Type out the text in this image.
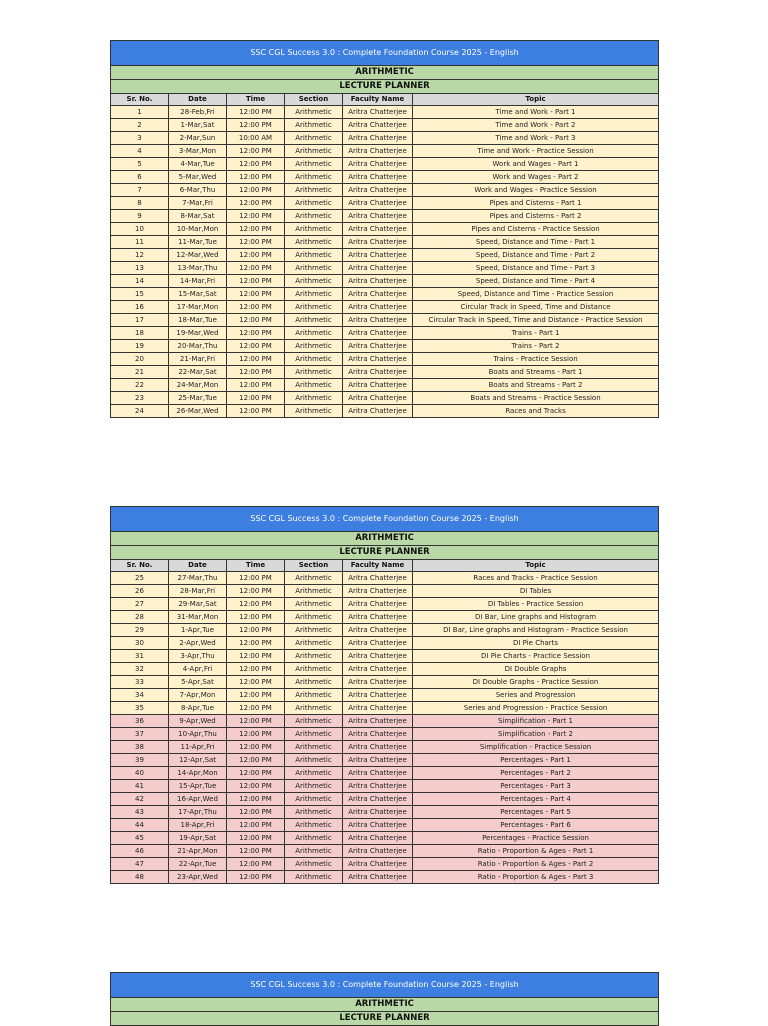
SSC CGL Success 3.0 : Complete Foundation Course 2025 - English					
ARITHMETIC					
LECTURE PLANNER					
Sr. No.	Date	Time	Section	Faculty Name	Topic
1	28-Feb,Fri	12:00 PM	Arithmetic	Aritra Chatterjee	Time and Work - Part 1
2	1-Mar,Sat	12:00 PM	Arithmetic	Aritra Chatterjee	Time and Work - Part 2
3	2-Mar,Sun	10:00 AM	Arithmetic	Aritra Chatterjee	Time and Work - Part 3
4	3-Mar,Mon	12:00 PM	Arithmetic	Aritra Chatterjee	Time and Work - Practice Session
5	4-Mar,Tue	12:00 PM	Arithmetic	Aritra Chatterjee	Work and Wages - Part 1
6	5-Mar,Wed	12:00 PM	Arithmetic	Aritra Chatterjee	Work and Wages - Part 2
7	6-Mar,Thu	12:00 PM	Arithmetic	Aritra Chatterjee	Work and Wages - Practice Session
8	7-Mar,Fri	12:00 PM	Arithmetic	Aritra Chatterjee	Pipes and Cisterns - Part 1
9	8-Mar,Sat	12:00 PM	Arithmetic	Aritra Chatterjee	Pipes and Cisterns - Part 2
10	10-Mar,Mon	12:00 PM	Arithmetic	Aritra Chatterjee	Pipes and Cisterns - Practice Session
11	11-Mar,Tue	12:00 PM	Arithmetic	Aritra Chatterjee	Speed, Distance and Time - Part 1
12	12-Mar,Wed	12:00 PM	Arithmetic	Aritra Chatterjee	Speed, Distance and Time - Part 2
13	13-Mar,Thu	12:00 PM	Arithmetic	Aritra Chatterjee	Speed, Distance and Time - Part 3
14	14-Mar,Fri	12:00 PM	Arithmetic	Aritra Chatterjee	Speed, Distance and Time - Part 4
15	15-Mar,Sat	12:00 PM	Arithmetic	Aritra Chatterjee	Speed, Distance and Time - Practice Session
16	17-Mar,Mon	12:00 PM	Arithmetic	Aritra Chatterjee	Circular Track in Speed, Time and Distance
17	18-Mar,Tue	12:00 PM	Arithmetic	Aritra Chatterjee	Circular Track in Speed, Time and Distance - Practice Session
18	19-Mar,Wed	12:00 PM	Arithmetic	Aritra Chatterjee	Trains - Part 1
19	20-Mar,Thu	12:00 PM	Arithmetic	Aritra Chatterjee	Trains - Part 2
20	21-Mar,Fri	12:00 PM	Arithmetic	Aritra Chatterjee	Trains - Practice Session
21	22-Mar,Sat	12:00 PM	Arithmetic	Aritra Chatterjee	Boats and Streams - Part 1
22	24-Mar,Mon	12:00 PM	Arithmetic	Aritra Chatterjee	Boats and Streams - Part 2
23	25-Mar,Tue	12:00 PM	Arithmetic	Aritra Chatterjee	Boats and Streams - Practice Session
24	26-Mar,Wed	12:00 PM	Arithmetic	Aritra Chatterjee	Races and Tracks
SSC CGL Success 3.0 : Complete Foundation Course 2025 - English					
ARITHMETIC					
LECTURE PLANNER					
Sr. No.	Date	Time	Section	Faculty Name	Topic
25	27-Mar,Thu	12:00 PM	Arithmetic	Aritra Chatterjee	Races and Tracks - Practice Session
26	28-Mar,Fri	12:00 PM	Arithmetic	Aritra Chatterjee	DI Tables
27	29-Mar,Sat	12:00 PM	Arithmetic	Aritra Chatterjee	DI Tables - Practice Session
28	31-Mar,Mon	12:00 PM	Arithmetic	Aritra Chatterjee	DI Bar, Line graphs and Histogram
29	1-Apr,Tue	12:00 PM	Arithmetic	Aritra Chatterjee	DI Bar, Line graphs and Histogram - Practice Session
30	2-Apr,Wed	12:00 PM	Arithmetic	Aritra Chatterjee	DI Pie Charts
31	3-Apr,Thu	12:00 PM	Arithmetic	Aritra Chatterjee	DI Pie Charts - Practice Session
32	4-Apr,Fri	12:00 PM	Arithmetic	Aritra Chatterjee	DI Double Graphs
33	5-Apr,Sat	12:00 PM	Arithmetic	Aritra Chatterjee	DI Double Graphs - Practice Session
34	7-Apr,Mon	12:00 PM	Arithmetic	Aritra Chatterjee	Series and Progression
35	8-Apr,Tue	12:00 PM	Arithmetic	Aritra Chatterjee	Series and Progression - Practice Session
36	9-Apr,Wed	12:00 PM	Arithmetic	Aritra Chatterjee	Simplification - Part 1
37	10-Apr,Thu	12:00 PM	Arithmetic	Aritra Chatterjee	Simplification - Part 2
38	11-Apr,Fri	12:00 PM	Arithmetic	Aritra Chatterjee	Simplification - Practice Session
39	12-Apr,Sat	12:00 PM	Arithmetic	Aritra Chatterjee	Percentages - Part 1
40	14-Apr,Mon	12:00 PM	Arithmetic	Aritra Chatterjee	Percentages - Part 2
41	15-Apr,Tue	12:00 PM	Arithmetic	Aritra Chatterjee	Percentages - Part 3
42	16-Apr,Wed	12:00 PM	Arithmetic	Aritra Chatterjee	Percentages - Part 4
43	17-Apr,Thu	12:00 PM	Arithmetic	Aritra Chatterjee	Percentages - Part 5
44	18-Apr,Fri	12:00 PM	Arithmetic	Aritra Chatterjee	Percentages - Part 6
45	19-Apr,Sat	12:00 PM	Arithmetic	Aritra Chatterjee	Percentages - Practice Session
46	21-Apr,Mon	12:00 PM	Arithmetic	Aritra Chatterjee	Ratio - Proportion & Ages - Part 1
47	22-Apr,Tue	12:00 PM	Arithmetic	Aritra Chatterjee	Ratio - Proportion & Ages - Part 2
48	23-Apr,Wed	12:00 PM	Arithmetic	Aritra Chatterjee	Ratio - Proportion & Ages - Part 3
SSC CGL Success 3.0 : Complete Foundation Course 2025 - English
ARITHMETIC
LECTURE PLANNER
